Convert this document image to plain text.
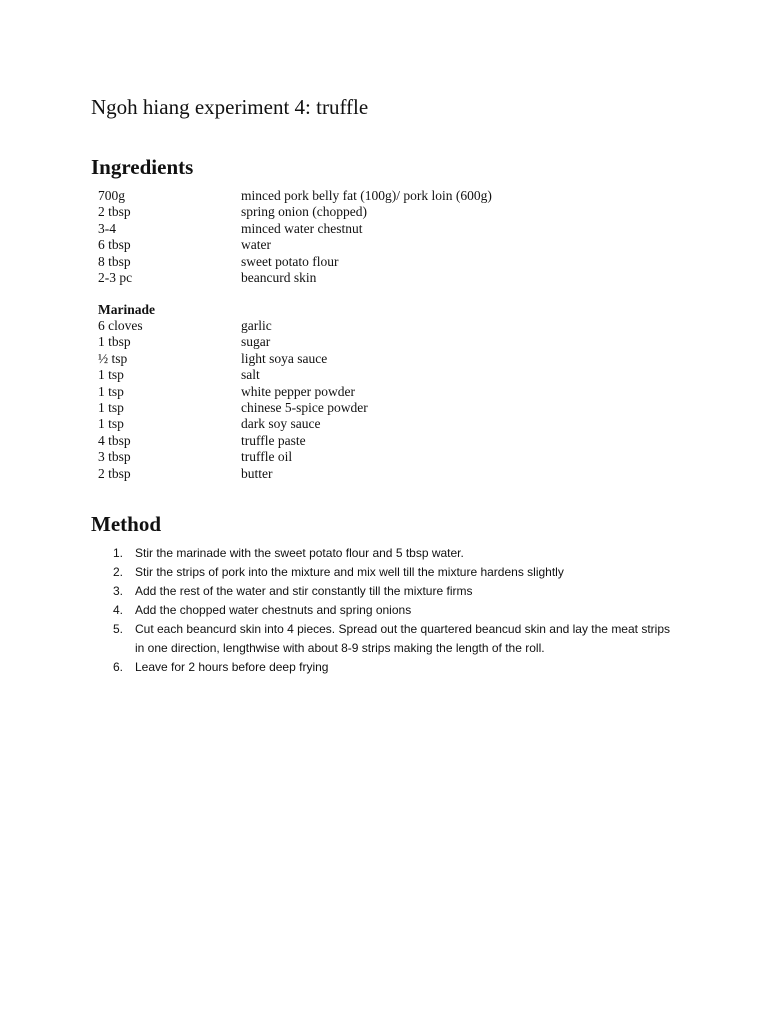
Ngoh hiang experiment 4: truffle
Ingredients
700g	minced pork belly fat (100g)/ pork loin (600g)
2 tbsp	spring onion (chopped)
3-4	minced water chestnut
6 tbsp	water
8 tbsp	sweet potato flour
2-3 pc	beancurd skin
Marinade
6 cloves	garlic
1 tbsp	sugar
½ tsp	light soya sauce
1 tsp	salt
1 tsp	white pepper powder
1 tsp	chinese 5-spice powder
1 tsp	dark soy sauce
4 tbsp	truffle paste
3 tbsp	truffle oil
2 tbsp	butter
Method
1. Stir the marinade with the sweet potato flour and 5 tbsp water.
2. Stir the strips of pork into the mixture and mix well till the mixture hardens slightly
3. Add the rest of the water and stir constantly till the mixture firms
4. Add the chopped water chestnuts and spring onions
5. Cut each beancurd skin into 4 pieces. Spread out the quartered beancud skin and lay the meat strips in one direction, lengthwise with about 8-9 strips making the length of the roll.
6. Leave for 2 hours before deep frying
